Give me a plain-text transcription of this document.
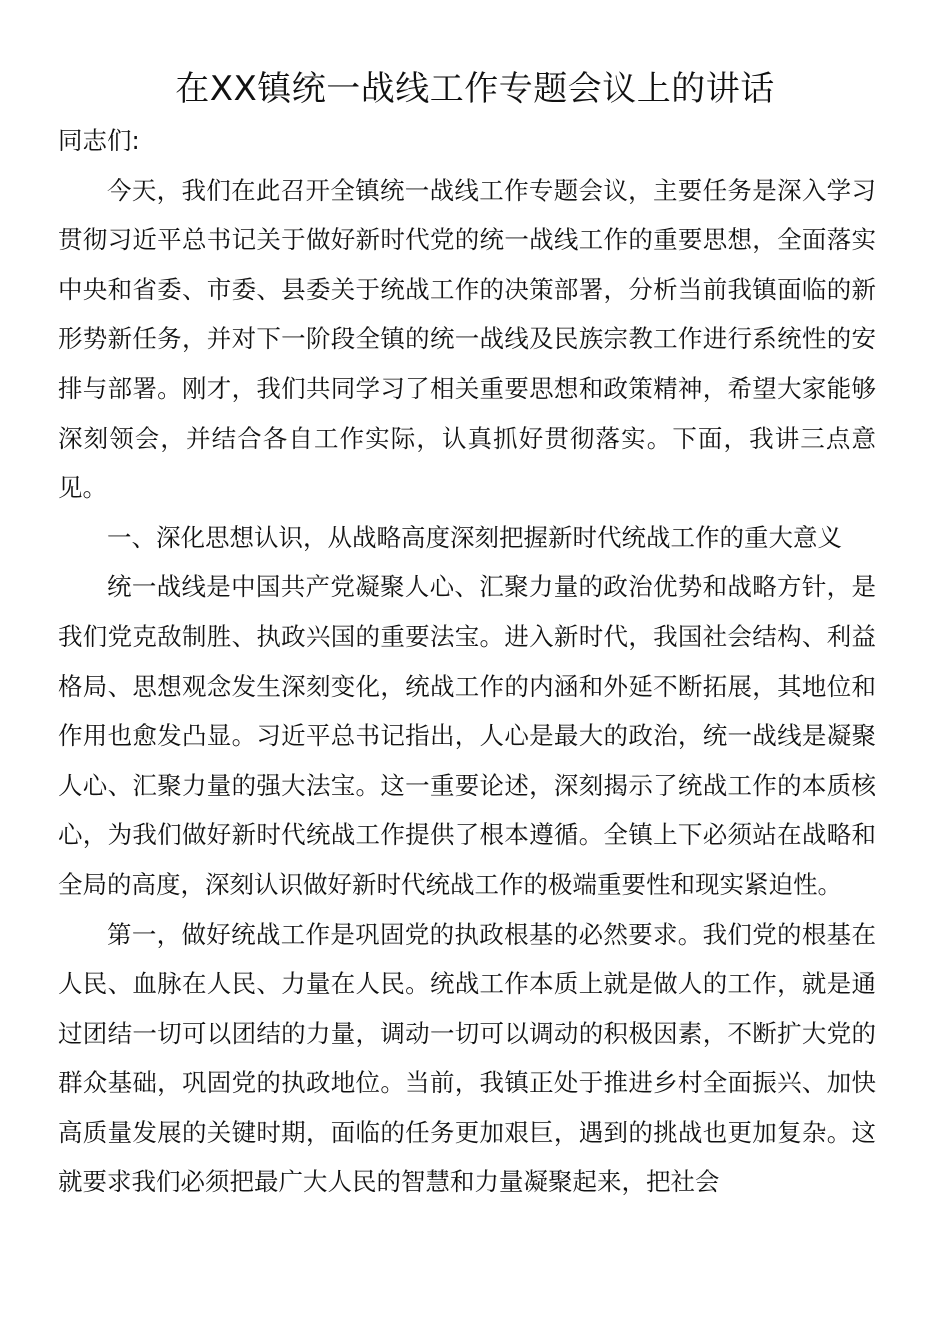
在XX镇统一战线工作专题会议上的讲话

同志们:

今天，我们在此召开全镇统一战线工作专题会议，主要任务是深入学习贯彻习近平总书记关于做好新时代党的统一战线工作的重要思想，全面落实中央和省委、市委、县委关于统战工作的决策部署，分析当前我镇面临的新形势新任务，并对下一阶段全镇的统一战线及民族宗教工作进行系统性的安排与部署。刚才，我们共同学习了相关重要思想和政策精神，希望大家能够深刻领会，并结合各自工作实际，认真抓好贯彻落实。下面，我讲三点意见。

一、深化思想认识，从战略高度深刻把握新时代统战工作的重大意义

统一战线是中国共产党凝聚人心、汇聚力量的政治优势和战略方针，是我们党克敌制胜、执政兴国的重要法宝。进入新时代，我国社会结构、利益格局、思想观念发生深刻变化，统战工作的内涵和外延不断拓展，其地位和作用也愈发凸显。习近平总书记指出，人心是最大的政治，统一战线是凝聚人心、汇聚力量的强大法宝。这一重要论述，深刻揭示了统战工作的本质核心，为我们做好新时代统战工作提供了根本遵循。全镇上下必须站在战略和全局的高度，深刻认识做好新时代统战工作的极端重要性和现实紧迫性。

第一，做好统战工作是巩固党的执政根基的必然要求。我们党的根基在人民、血脉在人民、力量在人民。统战工作本质上就是做人的工作，就是通过团结一切可以团结的力量，调动一切可以调动的积极因素，不断扩大党的群众基础，巩固党的执政地位。当前，我镇正处于推进乡村全面振兴、加快高质量发展的关键时期，面临的任务更加艰巨，遇到的挑战也更加复杂。这就要求我们必须把最广大人民的智慧和力量凝聚起来，把社会
